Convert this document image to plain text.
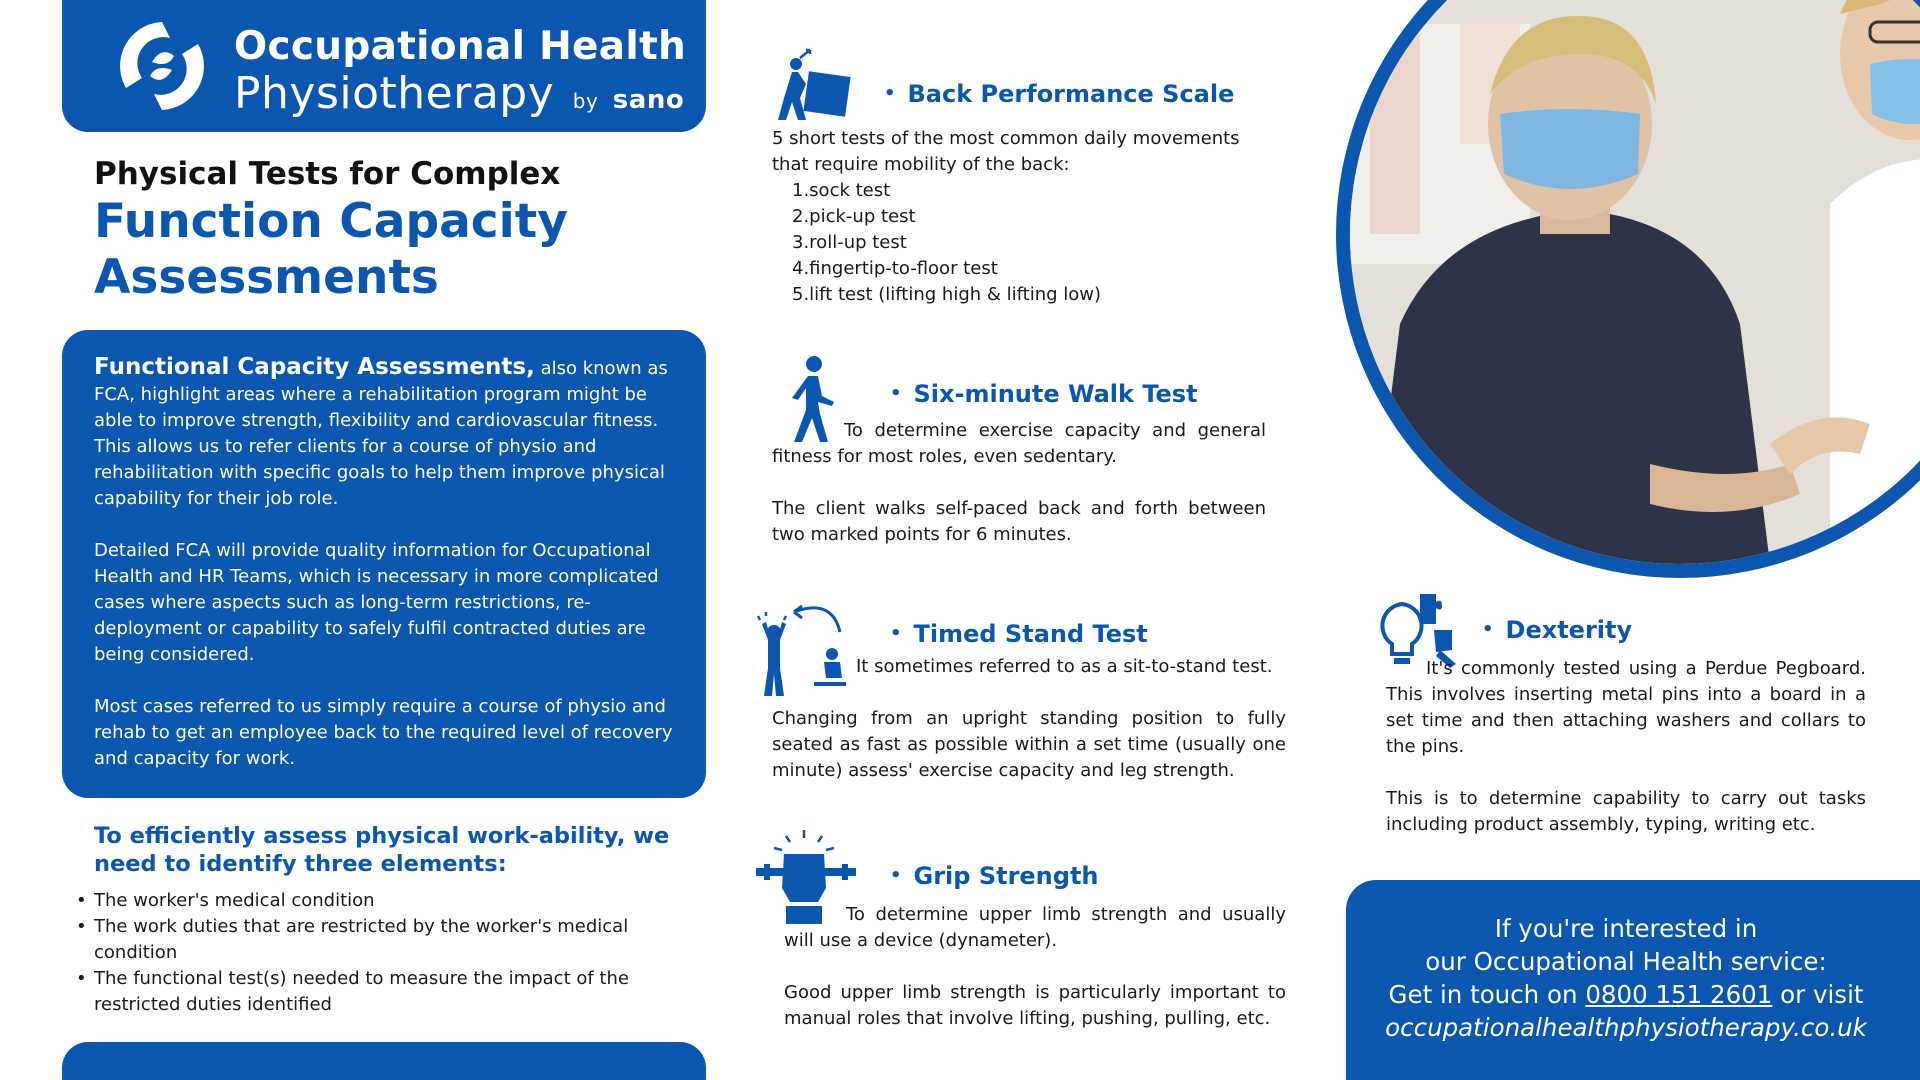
Occupational Health
Physiotherapy by sano
Physical Tests for Complex
Function Capacity Assessments

Functional Capacity Assessments, also known as FCA, highlight areas where a rehabilitation program might be able to improve strength, flexibility and cardiovascular fitness. This allows us to refer clients for a course of physio and rehabilitation with specific goals to help them improve physical capability for their job role.

Detailed FCA will provide quality information for Occupational Health and HR Teams, which is necessary in more complicated cases where aspects such as long-term restrictions, re-deployment or capability to safely fulfil contracted duties are being considered.

Most cases referred to us simply require a course of physio and rehab to get an employee back to the required level of recovery and capacity for work.

To efficiently assess physical work-ability, we need to identify three elements:
• The worker's medical condition
• The work duties that are restricted by the worker's medical condition
• The functional test(s) needed to measure the impact of the restricted duties identified
• Back Performance Scale
5 short tests of the most common daily movements that require mobility of the back:
1.sock test
2.pick-up test
3.roll-up test
4.fingertip-to-floor test
5.lift test (lifting high & lifting low)
• Six-minute Walk Test

To determine exercise capacity and general fitness for most roles, even sedentary.

The client walks self-paced back and forth between two marked points for 6 minutes.

• Timed Stand Test
It sometimes referred to as a sit-to-stand test.

Changing from an upright standing position to fully seated as fast as possible within a set time (usually one minute) assess' exercise capacity and leg strength.

• Grip Strength

To determine upper limb strength and usually will use a device (dynameter).

Good upper limb strength is particularly important to manual roles that involve lifting, pushing, pulling, etc.

• Dexterity

It's commonly tested using a Perdue Pegboard. This involves inserting metal pins into a board in a set time and then attaching washers and collars to the pins.

This is to determine capability to carry out tasks including product assembly, typing, writing etc.

If you're interested in
our Occupational Health service:
Get in touch on 0800 151 2601 or visit
occupationalhealthphysiotherapy.co.uk
